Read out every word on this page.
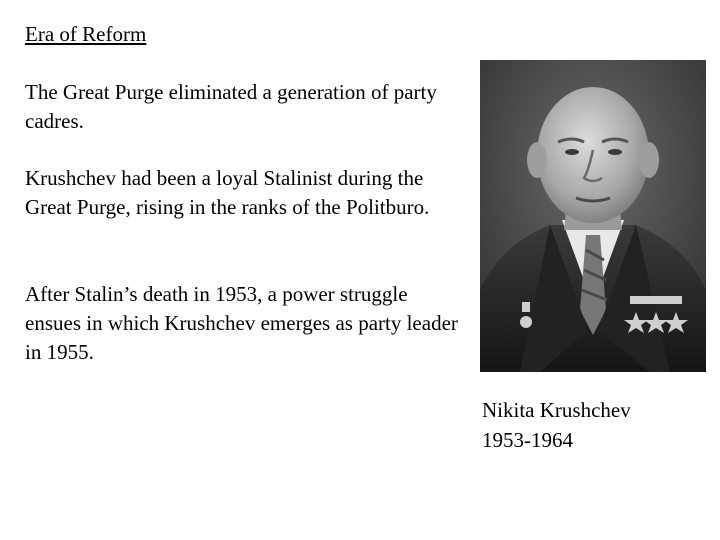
Era of Reform

The Great Purge eliminated a generation of party cadres.

Krushchev had been a loyal Stalinist during the Great Purge, rising in the ranks of the Politburo.

After Stalin’s death in 1953, a power struggle ensues in which Krushchev emerges as party leader in 1955.

Nikita Krushchev
1953-1964
